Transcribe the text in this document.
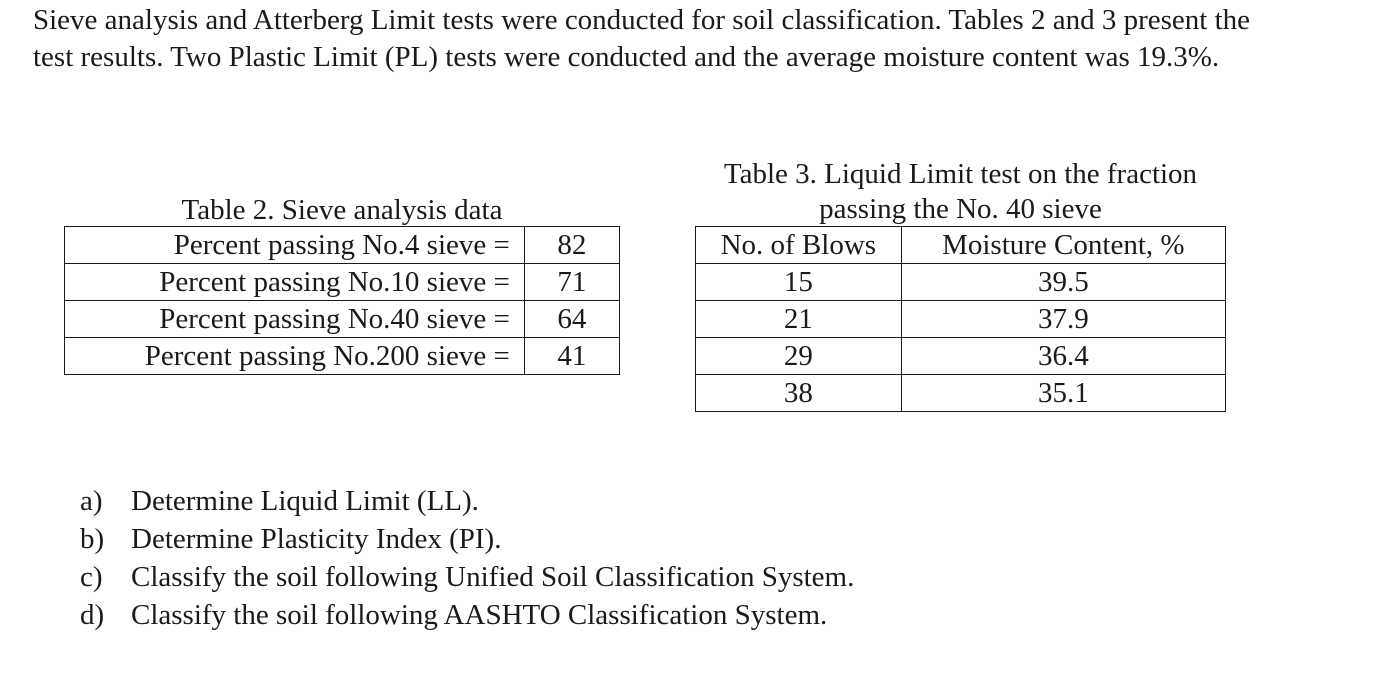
Sieve analysis and Atterberg Limit tests were conducted for soil classification. Tables 2 and 3 present the

test results. Two Plastic Limit (PL) tests were conducted and the average moisture content was 19.3%.

Table 2. Sieve analysis data
Percent passing No.4 sieve =	82
Percent passing No.10 sieve =	71
Percent passing No.40 sieve =	64
Percent passing No.200 sieve =	41
Table 3. Liquid Limit test on the fraction
passing the No. 40 sieve
No. of Blows	Moisture Content, %
15	39.5
21	37.9
29	36.4
38	35.1
a) Determine Liquid Limit (LL).
b) Determine Plasticity Index (PI).
c) Classify the soil following Unified Soil Classification System.
d) Classify the soil following AASHTO Classification System.
